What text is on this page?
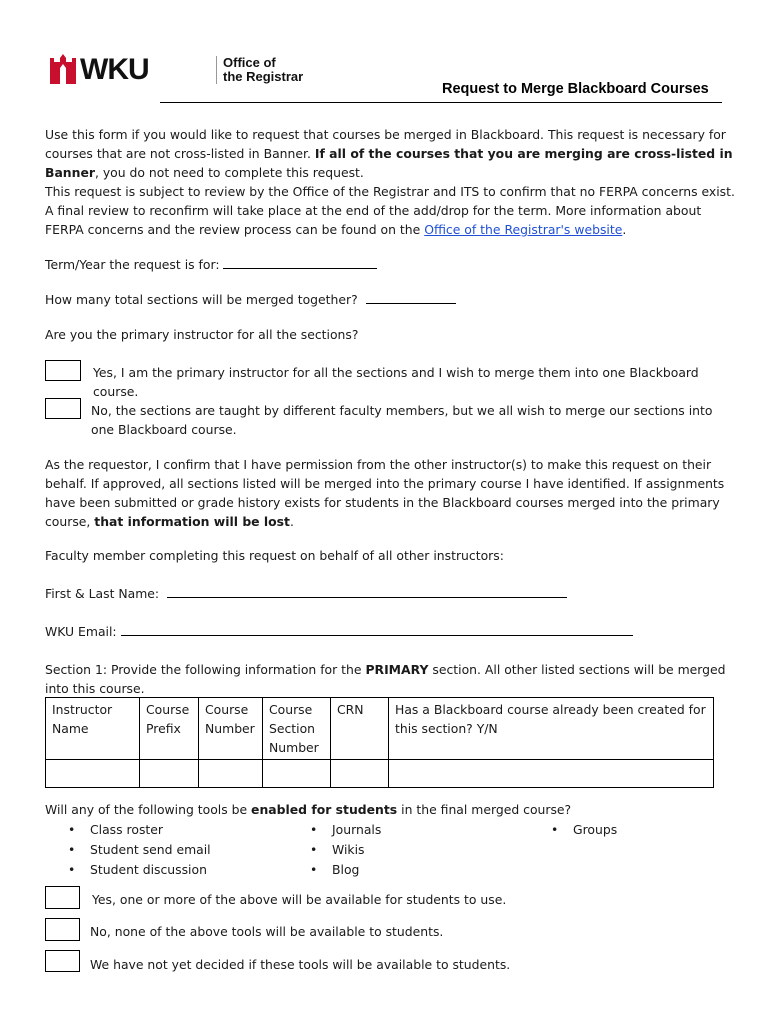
WKU	Office of
the Registrar
Request to Merge Blackboard Courses
Use this form if you would like to request that courses be merged in Blackboard. This request is necessary for courses that are not cross-listed in Banner. If all of the courses that you are merging are cross-listed in Banner, you do not need to complete this request.
This request is subject to review by the Office of the Registrar and ITS to confirm that no FERPA concerns exist. A final review to reconfirm will take place at the end of the add/drop for the term. More information about FERPA concerns and the review process can be found on the Office of the Registrar's website.
Term/Year the request is for:
How many total sections will be merged together?
Are you the primary instructor for all the sections?
Yes, I am the primary instructor for all the sections and I wish to merge them into one Blackboard course.
No, the sections are taught by different faculty members, but we all wish to merge our sections into one Blackboard course.
As the requestor, I confirm that I have permission from the other instructor(s) to make this request on their behalf. If approved, all sections listed will be merged into the primary course I have identified. If assignments have been submitted or grade history exists for students in the Blackboard courses merged into the primary course, that information will be lost.
Faculty member completing this request on behalf of all other instructors:
First & Last Name:
WKU Email:
Section 1: Provide the following information for the PRIMARY section. All other listed sections will be merged into this course.
Instructor Name	Course Prefix	Course Number	Course Section Number	CRN	Has a Blackboard course already been created for this section? Y/N

Will any of the following tools be enabled for students in the final merged course?
• Class roster
• Student send email
• Student discussion
• Journals
• Wikis
• Blog
• Groups
Yes, one or more of the above will be available for students to use.
No, none of the above tools will be available to students.
We have not yet decided if these tools will be available to students.
